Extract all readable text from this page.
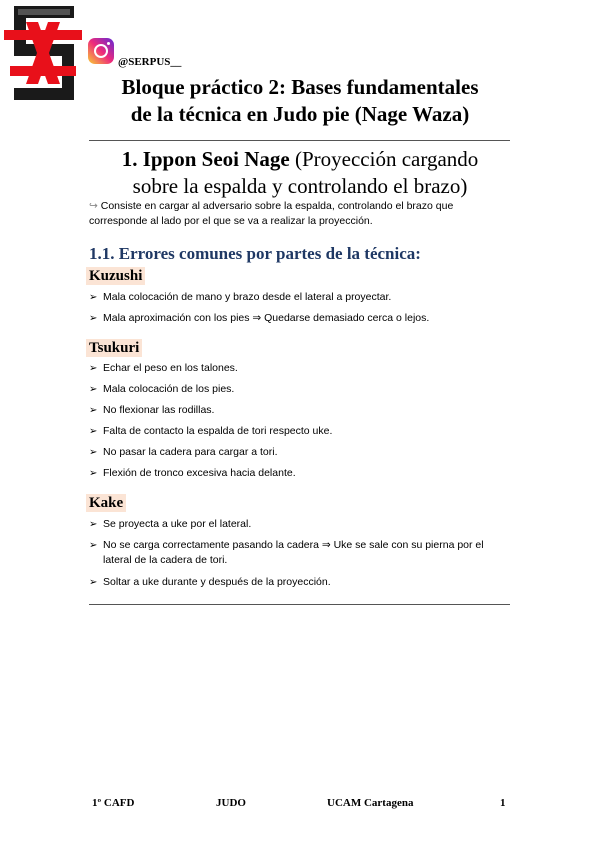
@SERPUS__
Bloque práctico 2: Bases fundamentales
de la técnica en Judo pie (Nage Waza)
1. Ippon Seoi Nage (Proyección cargando
sobre la espalda y controlando el brazo)
↪ Consiste en cargar al adversario sobre la espalda, controlando el brazo que
corresponde al lado por el que se va a realizar la proyección.
1.1. Errores comunes por partes de la técnica:
Kuzushi
➢ Mala colocación de mano y brazo desde el lateral a proyectar.
➢ Mala aproximación con los pies ⇒ Quedarse demasiado cerca o lejos.
Tsukuri
➢ Echar el peso en los talones.
➢ Mala colocación de los pies.
➢ No flexionar las rodillas.
➢ Falta de contacto la espalda de tori respecto uke.
➢ No pasar la cadera para cargar a tori.
➢ Flexión de tronco excesiva hacia delante.
Kake
➢ Se proyecta a uke por el lateral.
➢ No se carga correctamente pasando la cadera ⇒ Uke se sale con su pierna por el lateral de la cadera de tori.
➢ Soltar a uke durante y después de la proyección.
1º CAFD	JUDO	UCAM Cartagena	1
